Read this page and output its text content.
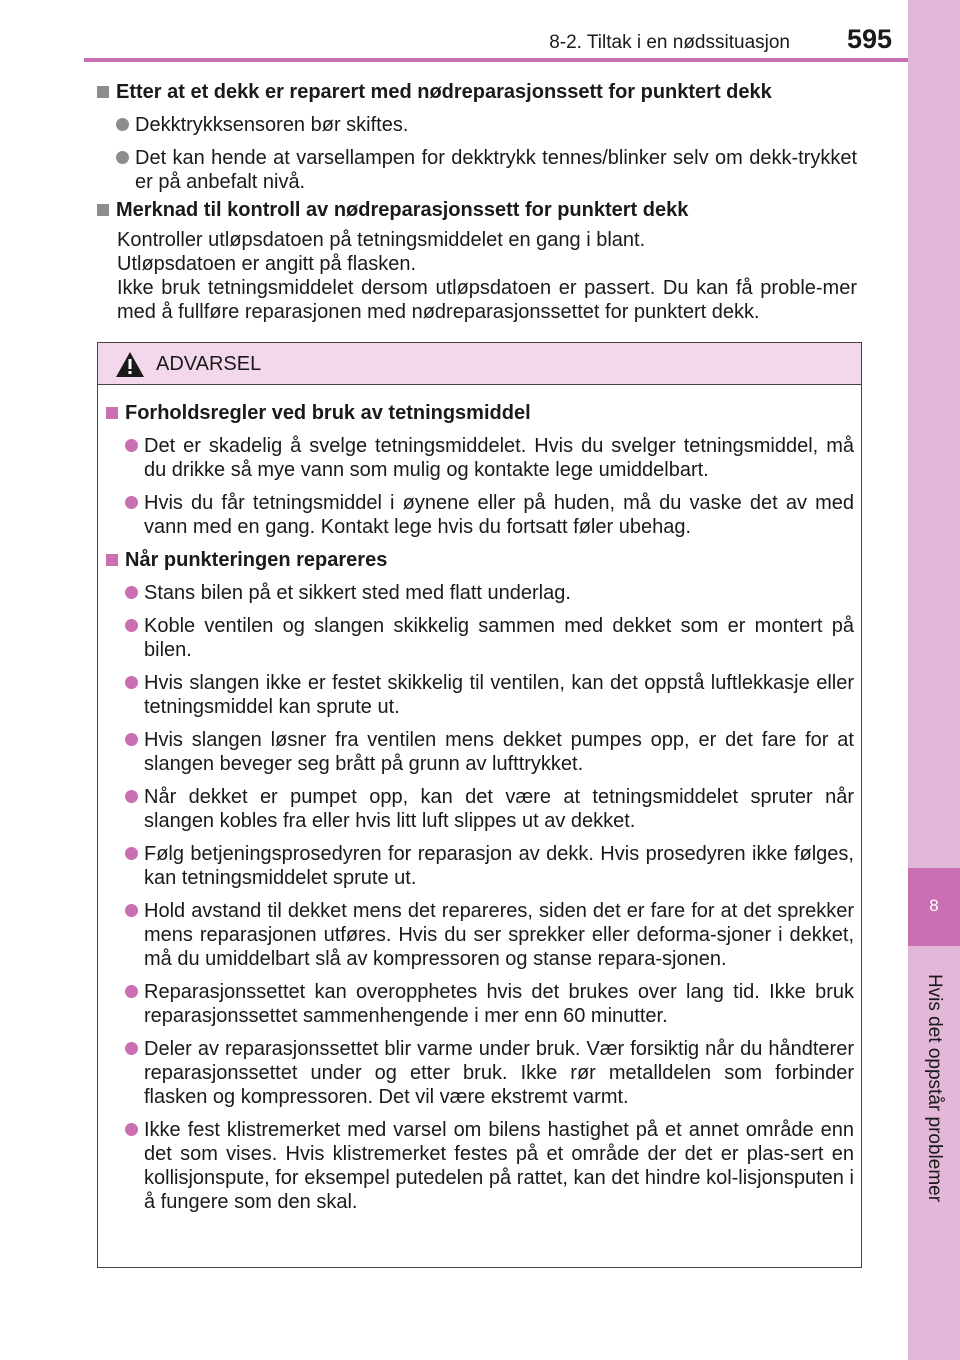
8-2. Tiltak i en nødssituasjon 595
8
Hvis det oppstår problemer
Etter at et dekk er reparert med nødreparasjonssett for punktert dekk
Dekktrykksensoren bør skiftes.
Det kan hende at varsellampen for dekktrykk tennes/blinker selv om dekk-trykket er på anbefalt nivå.
Merknad til kontroll av nødreparasjonssett for punktert dekk
Kontroller utløpsdatoen på tetningsmiddelet en gang i blant.
Utløpsdatoen er angitt på flasken.
Ikke bruk tetningsmiddelet dersom utløpsdatoen er passert. Du kan få proble-mer med å fullføre reparasjonen med nødreparasjonssettet for punktert dekk.
ADVARSEL
Forholdsregler ved bruk av tetningsmiddel
Det er skadelig å svelge tetningsmiddelet. Hvis du svelger tetningsmiddel, må du drikke så mye vann som mulig og kontakte lege umiddelbart.
Hvis du får tetningsmiddel i øynene eller på huden, må du vaske det av med vann med en gang. Kontakt lege hvis du fortsatt føler ubehag.
Når punkteringen repareres
Stans bilen på et sikkert sted med flatt underlag.
Koble ventilen og slangen skikkelig sammen med dekket som er montert på bilen.
Hvis slangen ikke er festet skikkelig til ventilen, kan det oppstå luftlekkasje eller tetningsmiddel kan sprute ut.
Hvis slangen løsner fra ventilen mens dekket pumpes opp, er det fare for at slangen beveger seg brått på grunn av lufttrykket.
Når dekket er pumpet opp, kan det være at tetningsmiddelet spruter når slangen kobles fra eller hvis litt luft slippes ut av dekket.
Følg betjeningsprosedyren for reparasjon av dekk. Hvis prosedyren ikke følges, kan tetningsmiddelet sprute ut.
Hold avstand til dekket mens det repareres, siden det er fare for at det sprekker mens reparasjonen utføres. Hvis du ser sprekker eller deforma-sjoner i dekket, må du umiddelbart slå av kompressoren og stanse repara-sjonen.
Reparasjonssettet kan overopphetes hvis det brukes over lang tid. Ikke bruk reparasjonssettet sammenhengende i mer enn 60 minutter.
Deler av reparasjonssettet blir varme under bruk. Vær forsiktig når du håndterer reparasjonssettet under og etter bruk. Ikke rør metalldelen som forbinder flasken og kompressoren. Det vil være ekstremt varmt.
Ikke fest klistremerket med varsel om bilens hastighet på et annet område enn det som vises. Hvis klistremerket festes på et område der det er plas-sert en kollisjonspute, for eksempel putedelen på rattet, kan det hindre kol-lisjonsputen i å fungere som den skal.
